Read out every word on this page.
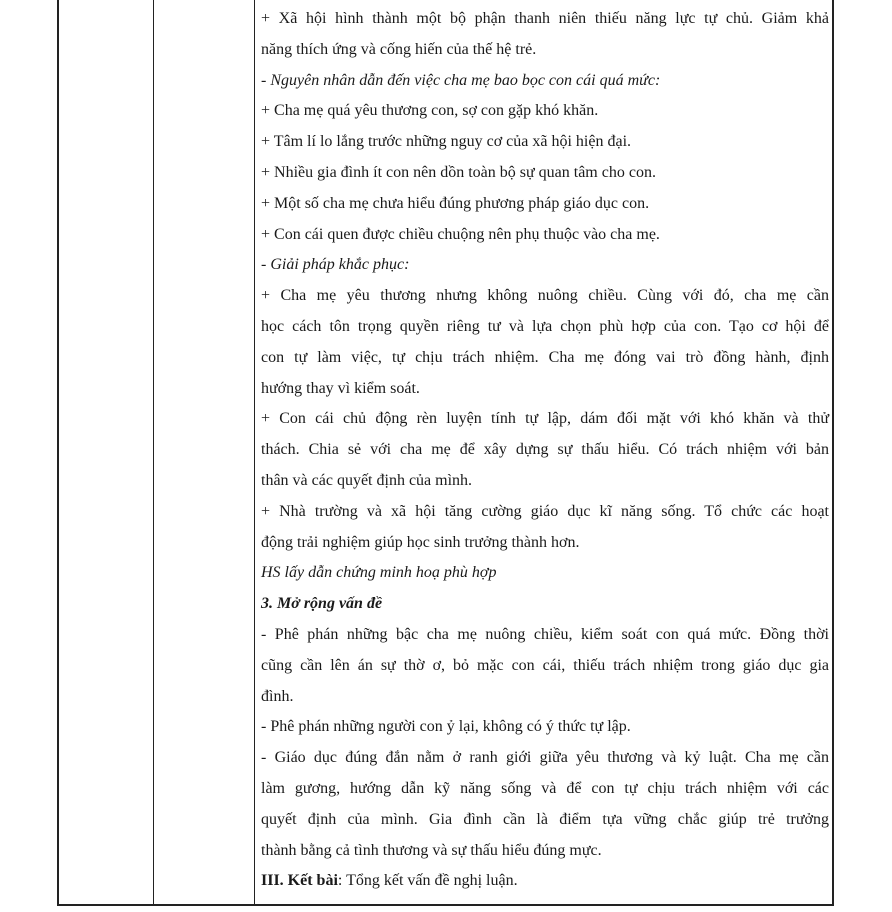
+ Xã hội hình thành một bộ phận thanh niên thiếu năng lực tự chủ. Giảm khả
năng thích ứng và cống hiến của thế hệ trẻ.
- Nguyên nhân dẫn đến việc cha mẹ bao bọc con cái quá mức:
+ Cha mẹ quá yêu thương con, sợ con gặp khó khăn.
+ Tâm lí lo lắng trước những nguy cơ của xã hội hiện đại.
+ Nhiều gia đình ít con nên dồn toàn bộ sự quan tâm cho con.
+ Một số cha mẹ chưa hiểu đúng phương pháp giáo dục con.
+ Con cái quen được chiều chuộng nên phụ thuộc vào cha mẹ.
- Giải pháp khắc phục:
+ Cha mẹ yêu thương nhưng không nuông chiều. Cùng với đó, cha mẹ cần
học cách tôn trọng quyền riêng tư và lựa chọn phù hợp của con. Tạo cơ hội để
con tự làm việc, tự chịu trách nhiệm. Cha mẹ đóng vai trò đồng hành, định
hướng thay vì kiểm soát.
+ Con cái chủ động rèn luyện tính tự lập, dám đối mặt với khó khăn và thử
thách. Chia sẻ với cha mẹ để xây dựng sự thấu hiểu. Có trách nhiệm với bản
thân và các quyết định của mình.
+ Nhà trường và xã hội tăng cường giáo dục kĩ năng sống. Tổ chức các hoạt
động trải nghiệm giúp học sinh trưởng thành hơn.
HS lấy dẫn chứng minh hoạ phù hợp
3. Mở rộng vấn đề
- Phê phán những bậc cha mẹ nuông chiều, kiểm soát con quá mức. Đồng thời
cũng cần lên án sự thờ ơ, bỏ mặc con cái, thiếu trách nhiệm trong giáo dục gia
đình.
- Phê phán những người con ỷ lại, không có ý thức tự lập.
- Giáo dục đúng đắn nằm ở ranh giới giữa yêu thương và kỷ luật. Cha mẹ cần
làm gương, hướng dẫn kỹ năng sống và để con tự chịu trách nhiệm với các
quyết định của mình. Gia đình cần là điểm tựa vững chắc giúp trẻ trưởng
thành bằng cả tình thương và sự thấu hiểu đúng mực.
III. Kết bài: Tổng kết vấn đề nghị luận.
